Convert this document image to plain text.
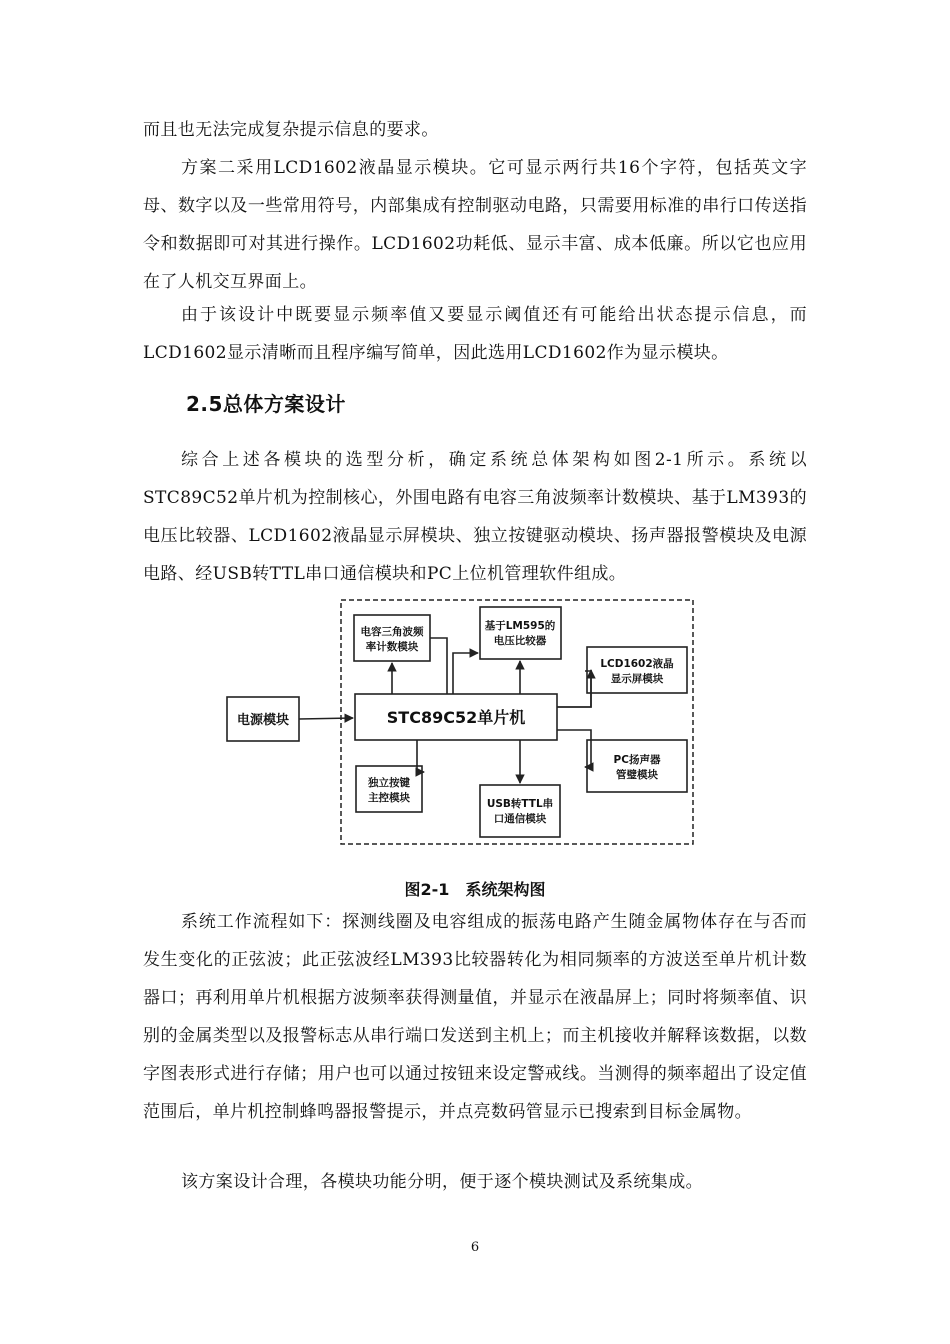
而且也无法完成复杂提示信息的要求。

方案二采用LCD1602液晶显示模块。它可显示两行共16个字符，包括英文字母、数字以及一些常用符号，内部集成有控制驱动电路，只需要用标准的串行口传送指令和数据即可对其进行操作。LCD1602功耗低、显示丰富、成本低廉。所以它也应用在了人机交互界面上。

由于该设计中既要显示频率值又要显示阈值还有可能给出状态提示信息，而LCD1602显示清晰而且程序编写简单，因此选用LCD1602作为显示模块。

2.5总体方案设计

综合上述各模块的选型分析，确定系统总体架构如图2-1所示。系统以STC89C52单片机为控制核心，外围电路有电容三角波频率计数模块、基于LM393的电压比较器、LCD1602液晶显示屏模块、独立按键驱动模块、扬声器报警模块及电源电路、经USB转TTL串口通信模块和PC上位机管理软件组成。

电源模块	STC89C52单片机
电容三角波频
率计数模块
基于LM595的
电压比较器
LCD1602液晶
显示屏模块
PC扬声器
管璧模块
独立按键
主控模块	USB转TTL串
口通信模块
图2-1　系统架构图

系统工作流程如下：探测线圈及电容组成的振荡电路产生随金属物体存在与否而发生变化的正弦波；此正弦波经LM393比较器转化为相同频率的方波送至单片机计数器口；再利用单片机根据方波频率获得测量值，并显示在液晶屏上；同时将频率值、识别的金属类型以及报警标志从串行端口发送到主机上；而主机接收并解释该数据，以数字图表形式进行存储；用户也可以通过按钮来设定警戒线。当测得的频率超出了设定值范围后，单片机控制蜂鸣器报警提示，并点亮数码管显示已搜索到目标金属物。

该方案设计合理，各模块功能分明，便于逐个模块测试及系统集成。

6
